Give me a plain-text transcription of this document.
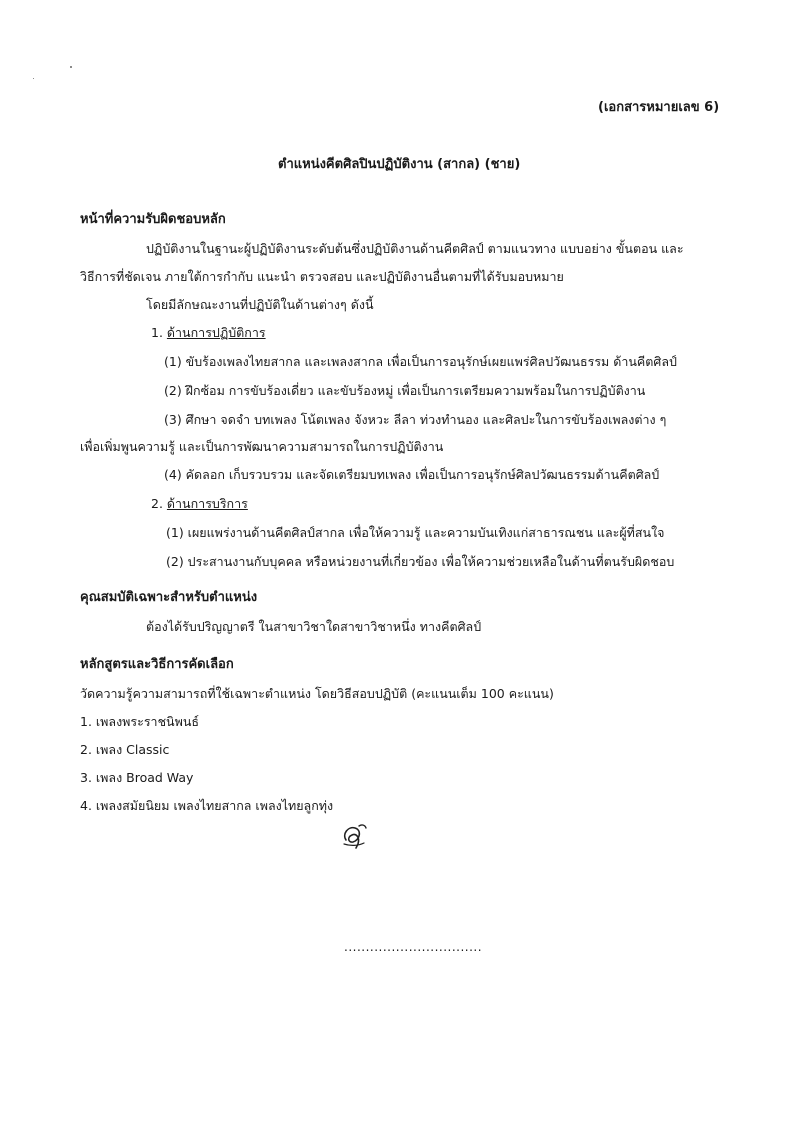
(เอกสารหมายเลข 6)
ตำแหน่งคีตศิลปินปฏิบัติงาน (สากล) (ชาย)
หน้าที่ความรับผิดชอบหลัก
ปฏิบัติงานในฐานะผู้ปฏิบัติงานระดับต้นซึ่งปฏิบัติงานด้านคีตศิลป์ ตามแนวทาง แบบอย่าง ขั้นตอน และ
วิธีการที่ชัดเจน ภายใต้การกำกับ แนะนำ ตรวจสอบ และปฏิบัติงานอื่นตามที่ได้รับมอบหมาย
โดยมีลักษณะงานที่ปฏิบัติในด้านต่างๆ ดังนี้
1. ด้านการปฏิบัติการ
(1) ขับร้องเพลงไทยสากล และเพลงสากล เพื่อเป็นการอนุรักษ์เผยแพร่ศิลปวัฒนธรรม ด้านคีตศิลป์
(2) ฝึกซ้อม การขับร้องเดี่ยว และขับร้องหมู่ เพื่อเป็นการเตรียมความพร้อมในการปฏิบัติงาน
(3) ศึกษา จดจำ บทเพลง โน้ตเพลง จังหวะ ลีลา ท่วงทำนอง และศิลปะในการขับร้องเพลงต่าง ๆ
เพื่อเพิ่มพูนความรู้ และเป็นการพัฒนาความสามารถในการปฏิบัติงาน
(4) คัดลอก เก็บรวบรวม และจัดเตรียมบทเพลง เพื่อเป็นการอนุรักษ์ศิลปวัฒนธรรมด้านคีตศิลป์
2. ด้านการบริการ
(1) เผยแพร่งานด้านคีตศิลป์สากล เพื่อให้ความรู้ และความบันเทิงแก่สาธารณชน และผู้ที่สนใจ
(2) ประสานงานกับบุคคล หรือหน่วยงานที่เกี่ยวข้อง เพื่อให้ความช่วยเหลือในด้านที่ตนรับผิดชอบ
คุณสมบัติเฉพาะสำหรับตำแหน่ง
ต้องได้รับปริญญาตรี ในสาขาวิชาใดสาขาวิชาหนึ่ง ทางคีตศิลป์
หลักสูตรและวิธีการคัดเลือก
วัดความรู้ความสามารถที่ใช้เฉพาะตำแหน่ง โดยวิธีสอบปฏิบัติ (คะแนนเต็ม 100 คะแนน)
1. เพลงพระราชนิพนธ์
2. เพลง Classic
3. เพลง Broad Way
4. เพลงสมัยนิยม เพลงไทยสากล เพลงไทยลูกทุ่ง
................................
